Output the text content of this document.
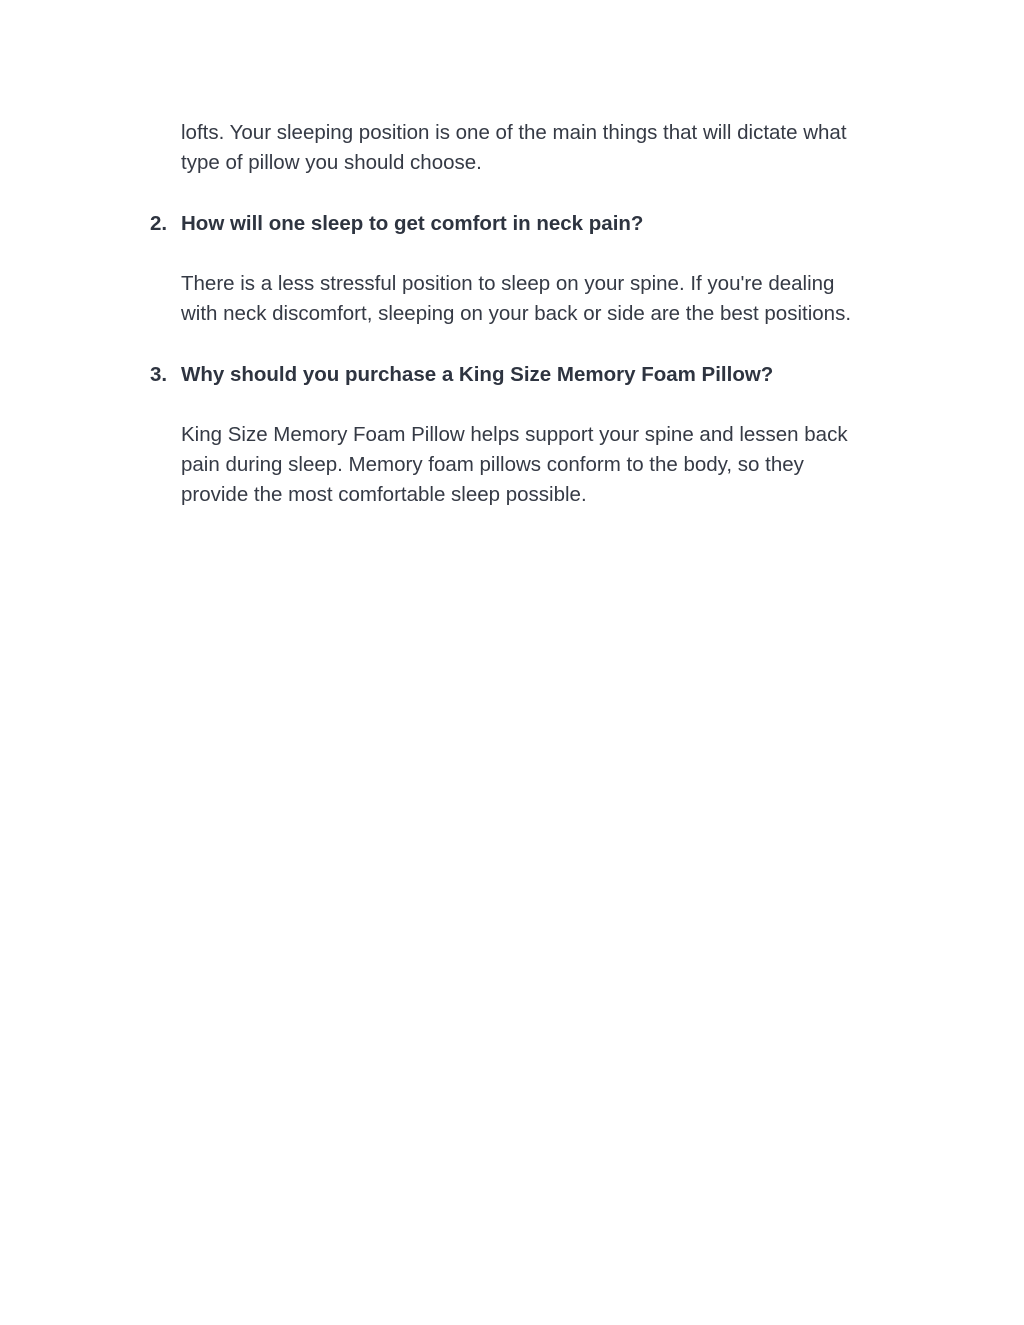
lofts. Your sleeping position is one of the main things that will dictate what
type of pillow you should choose.

2. How will one sleep to get comfort in neck pain?

There is a less stressful position to sleep on your spine. If you're dealing
with neck discomfort, sleeping on your back or side are the best positions.

3. Why should you purchase a King Size Memory Foam Pillow?

King Size Memory Foam Pillow helps support your spine and lessen back
pain during sleep. Memory foam pillows conform to the body, so they
provide the most comfortable sleep possible.
